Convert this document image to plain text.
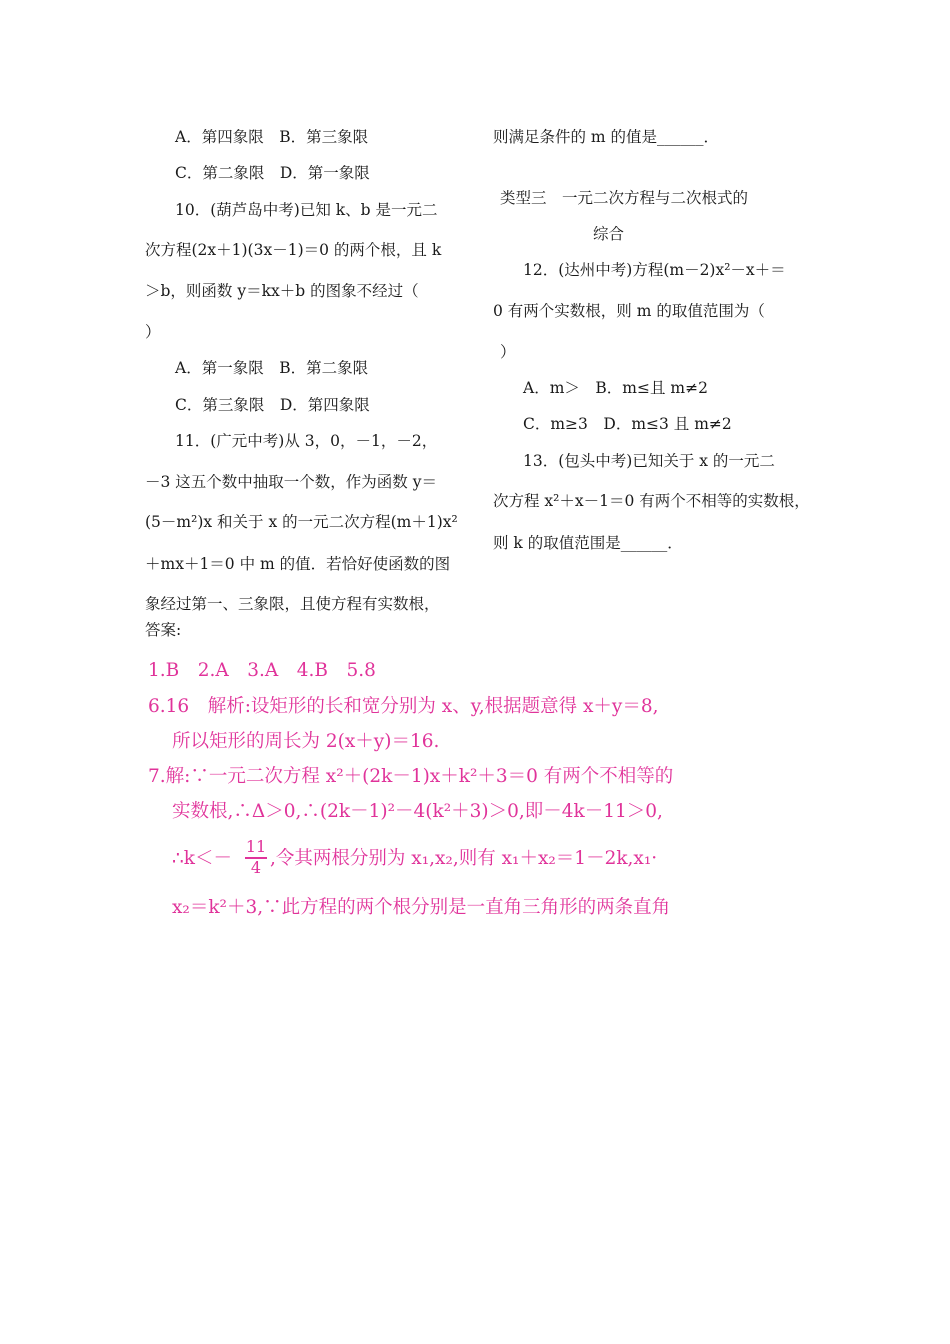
A．第四象限　B．第三象限
C．第二象限　D．第一象限
10．(葫芦岛中考)已知 k、b 是一元二
次方程(2x＋1)(3x－1)＝0 的两个根，且 k
＞b，则函数 y＝kx＋b 的图象不经过（
）
A．第一象限　B．第二象限
C．第三象限　D．第四象限
11．(广元中考)从 3，0，－1，－2，
－3 这五个数中抽取一个数，作为函数 y＝
(5－m²)x 和关于 x 的一元二次方程(m＋1)x²
＋mx＋1＝0 中 m 的值．若恰好使函数的图
象经过第一、三象限，且使方程有实数根，
答案:
则满足条件的 m 的值是______．
类型三　一元二次方程与二次根式的
综合
12．(达州中考)方程(m－2)x²－x＋＝
0 有两个实数根，则 m 的取值范围为（
）
A．m＞　B．m≤且 m≠2
C．m≥3　D．m≤3 且 m≠2
13．(包头中考)已知关于 x 的一元二
次方程 x²＋x－1＝0 有两个不相等的实数根，
则 k 的取值范围是______．
1.B　2.A　3.A　4.B　5.8
6.16　解析:设矩形的长和宽分别为 x、y,根据题意得 x＋y＝8,
所以矩形的周长为 2(x＋y)＝16.
7.解:∵一元二次方程 x²＋(2k－1)x＋k²＋3＝0 有两个不相等的
实数根,∴Δ＞0,∴(2k－1)²－4(k²＋3)＞0,即－4k－11＞0,
∴k＜－
11
4 ,令其两根分别为 x₁,x₂,则有 x₁＋x₂＝1－2k,x₁·
x₂＝k²＋3,∵此方程的两个根分别是一直角三角形的两条直角
